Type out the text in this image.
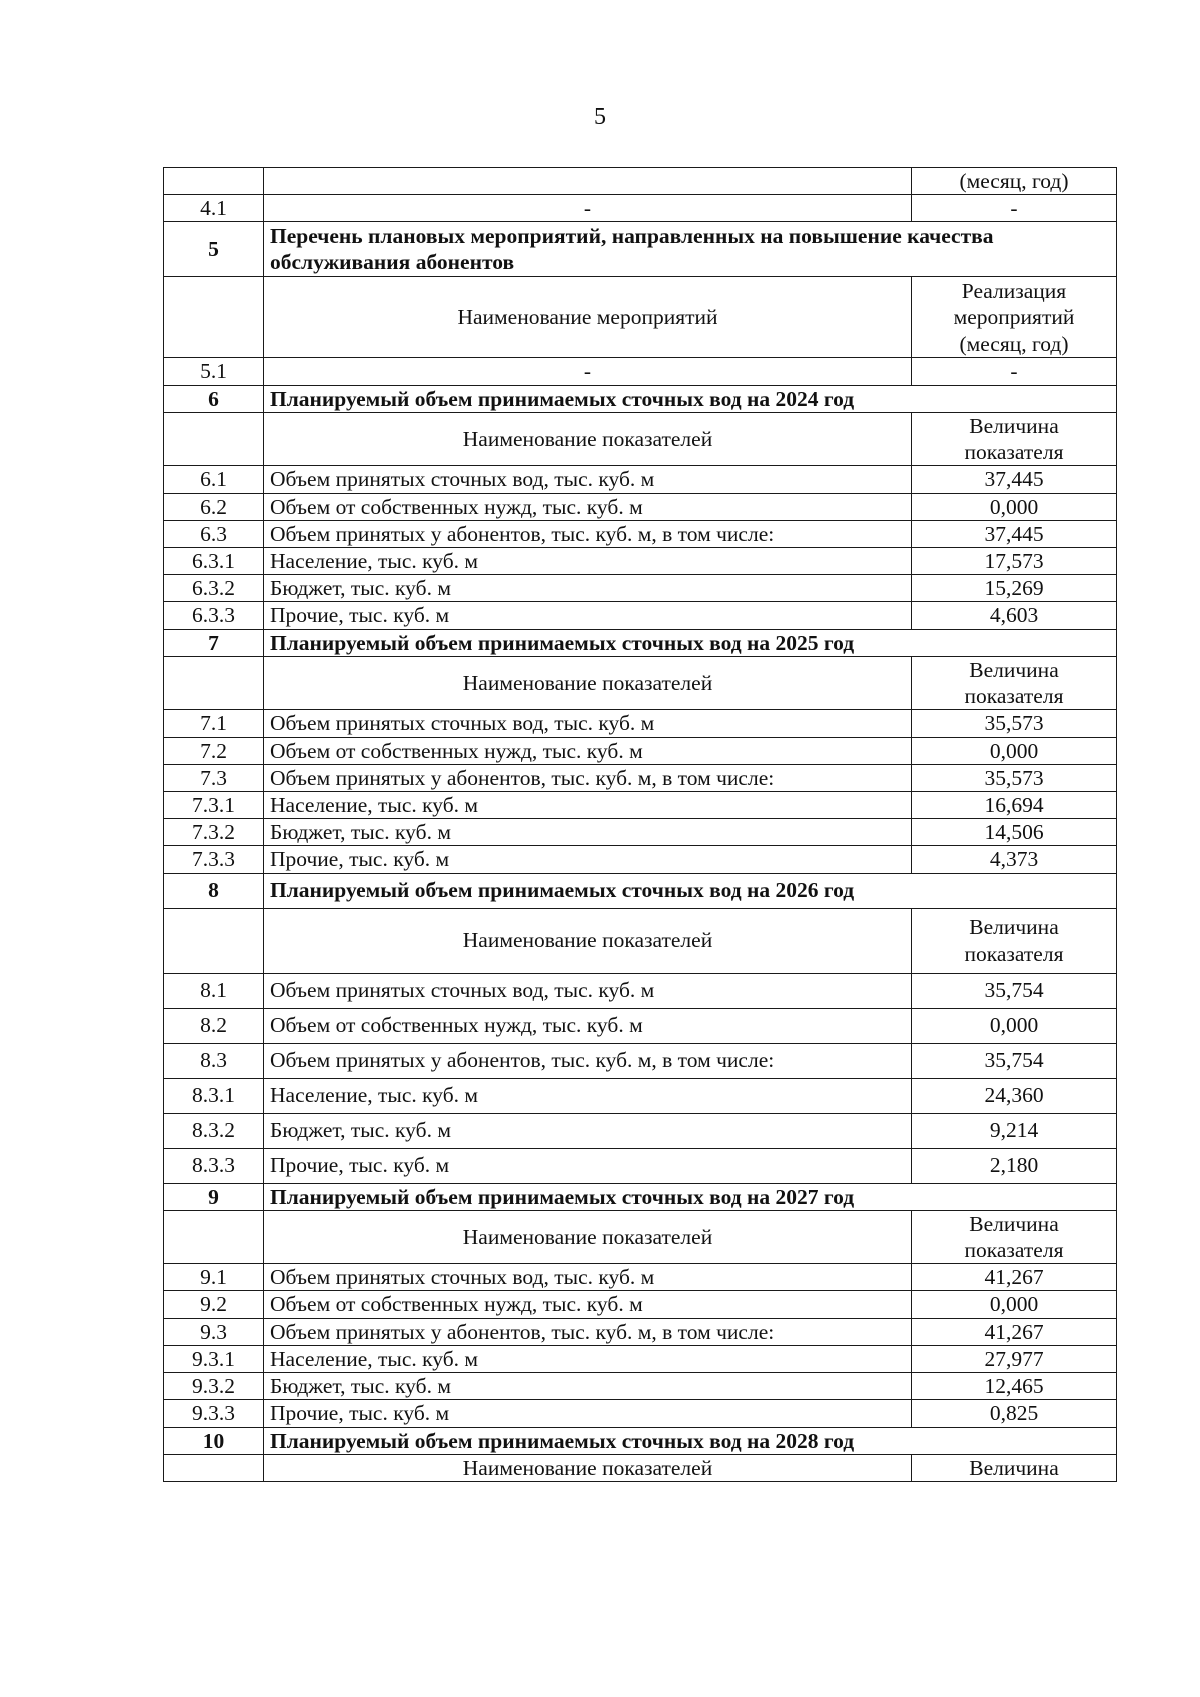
5
		(месяц, год)
4.1	-	-
5	Перечень плановых мероприятий, направленных на повышение качества обслуживания абонентов	
	Наименование мероприятий	Реализация мероприятий (месяц, год)
5.1	-	-
6	Планируемый объем принимаемых сточных вод на 2024 год	
	Наименование показателей	Величина показателя
6.1	Объем принятых сточных вод, тыс. куб. м	37,445
6.2	Объем от собственных нужд, тыс. куб. м	0,000
6.3	Объем принятых у абонентов, тыс. куб. м, в том числе:	37,445
6.3.1	Население, тыс. куб. м	17,573
6.3.2	Бюджет, тыс. куб. м	15,269
6.3.3	Прочие, тыс. куб. м	4,603
7	Планируемый объем принимаемых сточных вод на 2025 год	
	Наименование показателей	Величина показателя
7.1	Объем принятых сточных вод, тыс. куб. м	35,573
7.2	Объем от собственных нужд, тыс. куб. м	0,000
7.3	Объем принятых у абонентов, тыс. куб. м, в том числе:	35,573
7.3.1	Население, тыс. куб. м	16,694
7.3.2	Бюджет, тыс. куб. м	14,506
7.3.3	Прочие, тыс. куб. м	4,373
8	Планируемый объем принимаемых сточных вод на 2026 год	
	Наименование показателей	Величина показателя
8.1	Объем принятых сточных вод, тыс. куб. м	35,754
8.2	Объем от собственных нужд, тыс. куб. м	0,000
8.3	Объем принятых у абонентов, тыс. куб. м, в том числе:	35,754
8.3.1	Население, тыс. куб. м	24,360
8.3.2	Бюджет, тыс. куб. м	9,214
8.3.3	Прочие, тыс. куб. м	2,180
9	Планируемый объем принимаемых сточных вод на 2027 год	
	Наименование показателей	Величина показателя
9.1	Объем принятых сточных вод, тыс. куб. м	41,267
9.2	Объем от собственных нужд, тыс. куб. м	0,000
9.3	Объем принятых у абонентов, тыс. куб. м, в том числе:	41,267
9.3.1	Население, тыс. куб. м	27,977
9.3.2	Бюджет, тыс. куб. м	12,465
9.3.3	Прочие, тыс. куб. м	0,825
10	Планируемый объем принимаемых сточных вод на 2028 год	
	Наименование показателей	Величина
